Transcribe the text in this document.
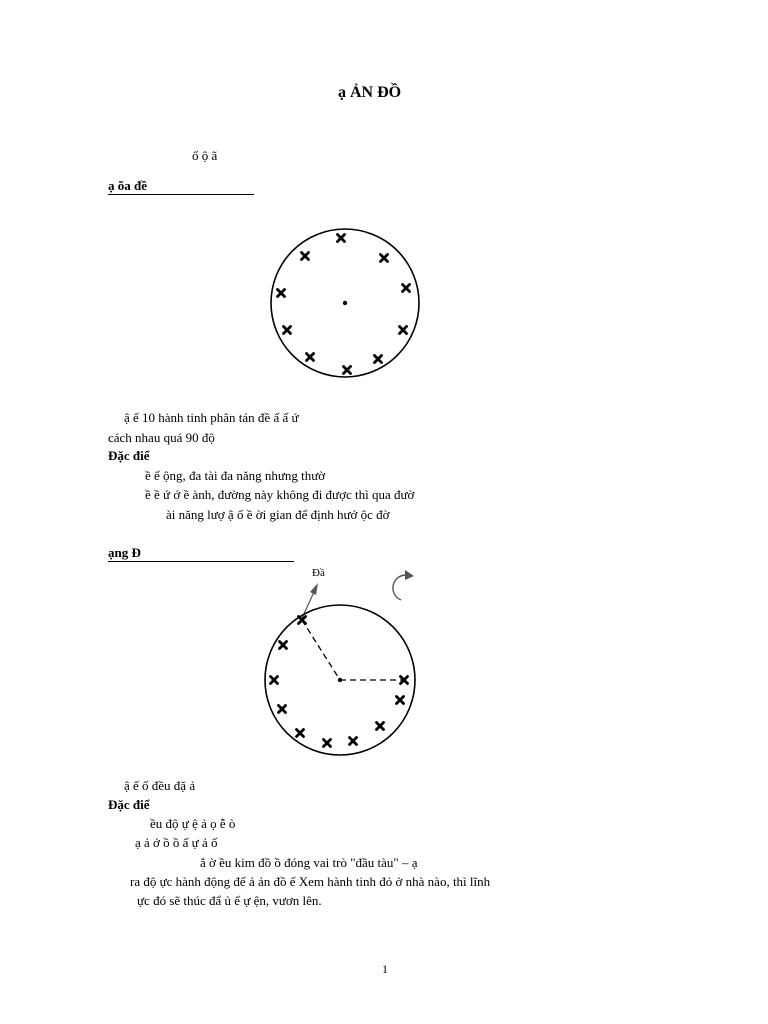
ạ ẢN ĐỒ
ố ộ ã
ạ õa đề
ậ ế 10 hành tinh phân tán đề ấ ấ ứ
cách nhau quá 90 độ
Đặc điể
ề ế ộng, đa tài đa năng nhưng thườ
ề ề ứ ớ ề ành, đường này không đi được thì qua đườ
ài năng lượ ậ ố ề ời gian để định hướ ộc đờ
ạng Đ
Đầ
ậ ế ố đều đặ ả
Đặc điể
ều độ ự ệ ả ọ ễ ò
ạ ả ớ ồ ồ ấ ự ả ố
ắ ờ ều kim đồ ồ đóng vai trò "đầu tàu" – ạ
ra độ ực hành động để ả ản đồ ế Xem hành tinh đỏ ở nhà nào, thì lĩnh
ực đó sẽ thúc đẩ ủ ế ự ện, vươn lên.
1
